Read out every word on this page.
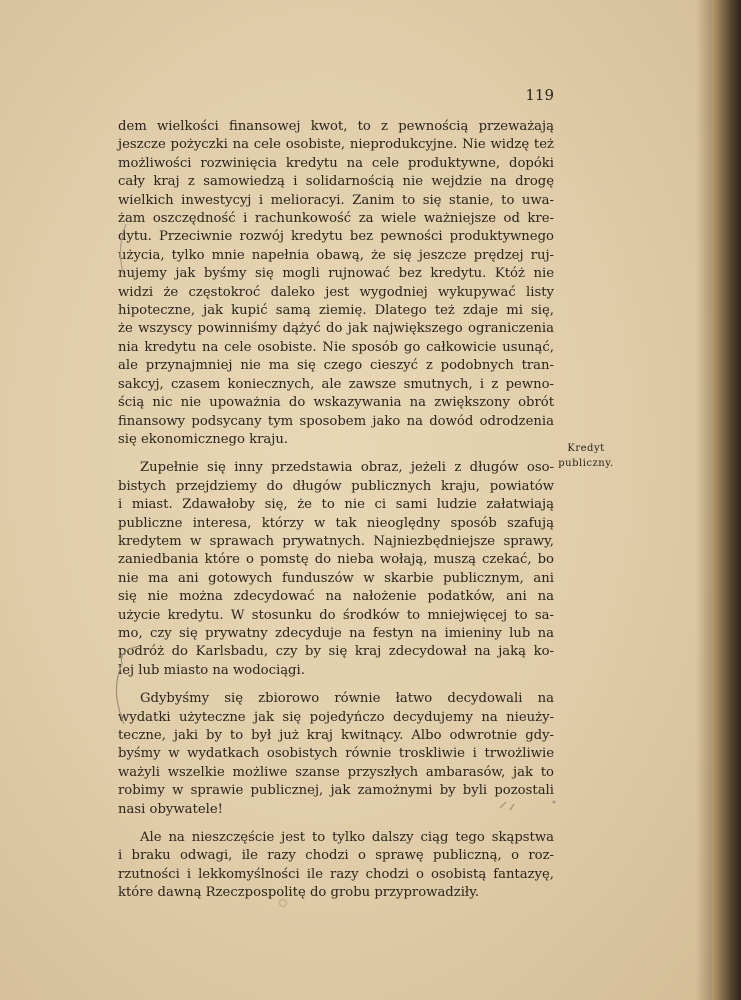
119
dem wielkości finansowej kwot, to z pewnością przeważają
jeszcze pożyczki na cele osobiste, nieprodukcyjne. Nie widzę też
możliwości rozwinięcia kredytu na cele produktywne, dopóki
cały kraj z samowiedzą i solidarnością nie wejdzie na drogę
wielkich inwestycyj i melioracyi. Zanim to się stanie, to uwa-
żam oszczędność i rachunkowość za wiele ważniejsze od kre-
dytu. Przeciwnie rozwój kredytu bez pewności produktywnego
użycia, tylko mnie napełnia obawą, że się jeszcze prędzej ruj-
nujemy jak byśmy się mogli rujnować bez kredytu. Któż nie
widzi że częstokroć daleko jest wygodniej wykupywać listy
hipoteczne, jak kupić samą ziemię. Dlatego też zdaje mi się,
że wszyscy powinniśmy dążyć do jak największego ograniczenia
nia kredytu na cele osobiste. Nie sposób go całkowicie usunąć,
ale przynajmniej nie ma się czego cieszyć z podobnych tran-
sakcyj, czasem koniecznych, ale zawsze smutnych, i z pewno-
ścią nic nie upoważnia do wskazywania na zwiększony obrót
finansowy podsycany tym sposobem jako na dowód odrodzenia
się ekonomicznego kraju.
Zupełnie się inny przedstawia obraz, jeżeli z długów oso-
bistych przejdziemy do długów publicznych kraju, powiatów
i miast. Zdawałoby się, że to nie ci sami ludzie załatwiają
publiczne interesa, którzy w tak nieoględny sposób szafują
kredytem w sprawach prywatnych. Najniezbędniejsze sprawy,
zaniedbania które o pomstę do nieba wołają, muszą czekać, bo
nie ma ani gotowych funduszów w skarbie publicznym, ani
się nie można zdecydować na nałożenie podatków, ani na
użycie kredytu. W stosunku do środków to mniejwięcej to sa-
mo, czy się prywatny zdecyduje na festyn na imieniny lub na
podróż do Karlsbadu, czy by się kraj zdecydował na jaką ko-
lej lub miasto na wodociągi.
Gdybyśmy się zbiorowo równie łatwo decydowali na
wydatki użyteczne jak się pojedyńczo decydujemy na nieuży-
teczne, jaki by to był już kraj kwitnący. Albo odwrotnie gdy-
byśmy w wydatkach osobistych równie troskliwie i trwożliwie
ważyli wszelkie możliwe szanse przyszłych ambarasów, jak to
robimy w sprawie publicznej, jak zamożnymi by byli pozostali
nasi obywatele!
Ale na nieszczęście jest to tylko dalszy ciąg tego skąpstwa
i braku odwagi, ile razy chodzi o sprawę publiczną, o roz-
rzutności i lekkomyślności ile razy chodzi o osobistą fantazyę,
które dawną Rzeczpospolitę do grobu przyprowadziły.
Kredyt
publiczny.
